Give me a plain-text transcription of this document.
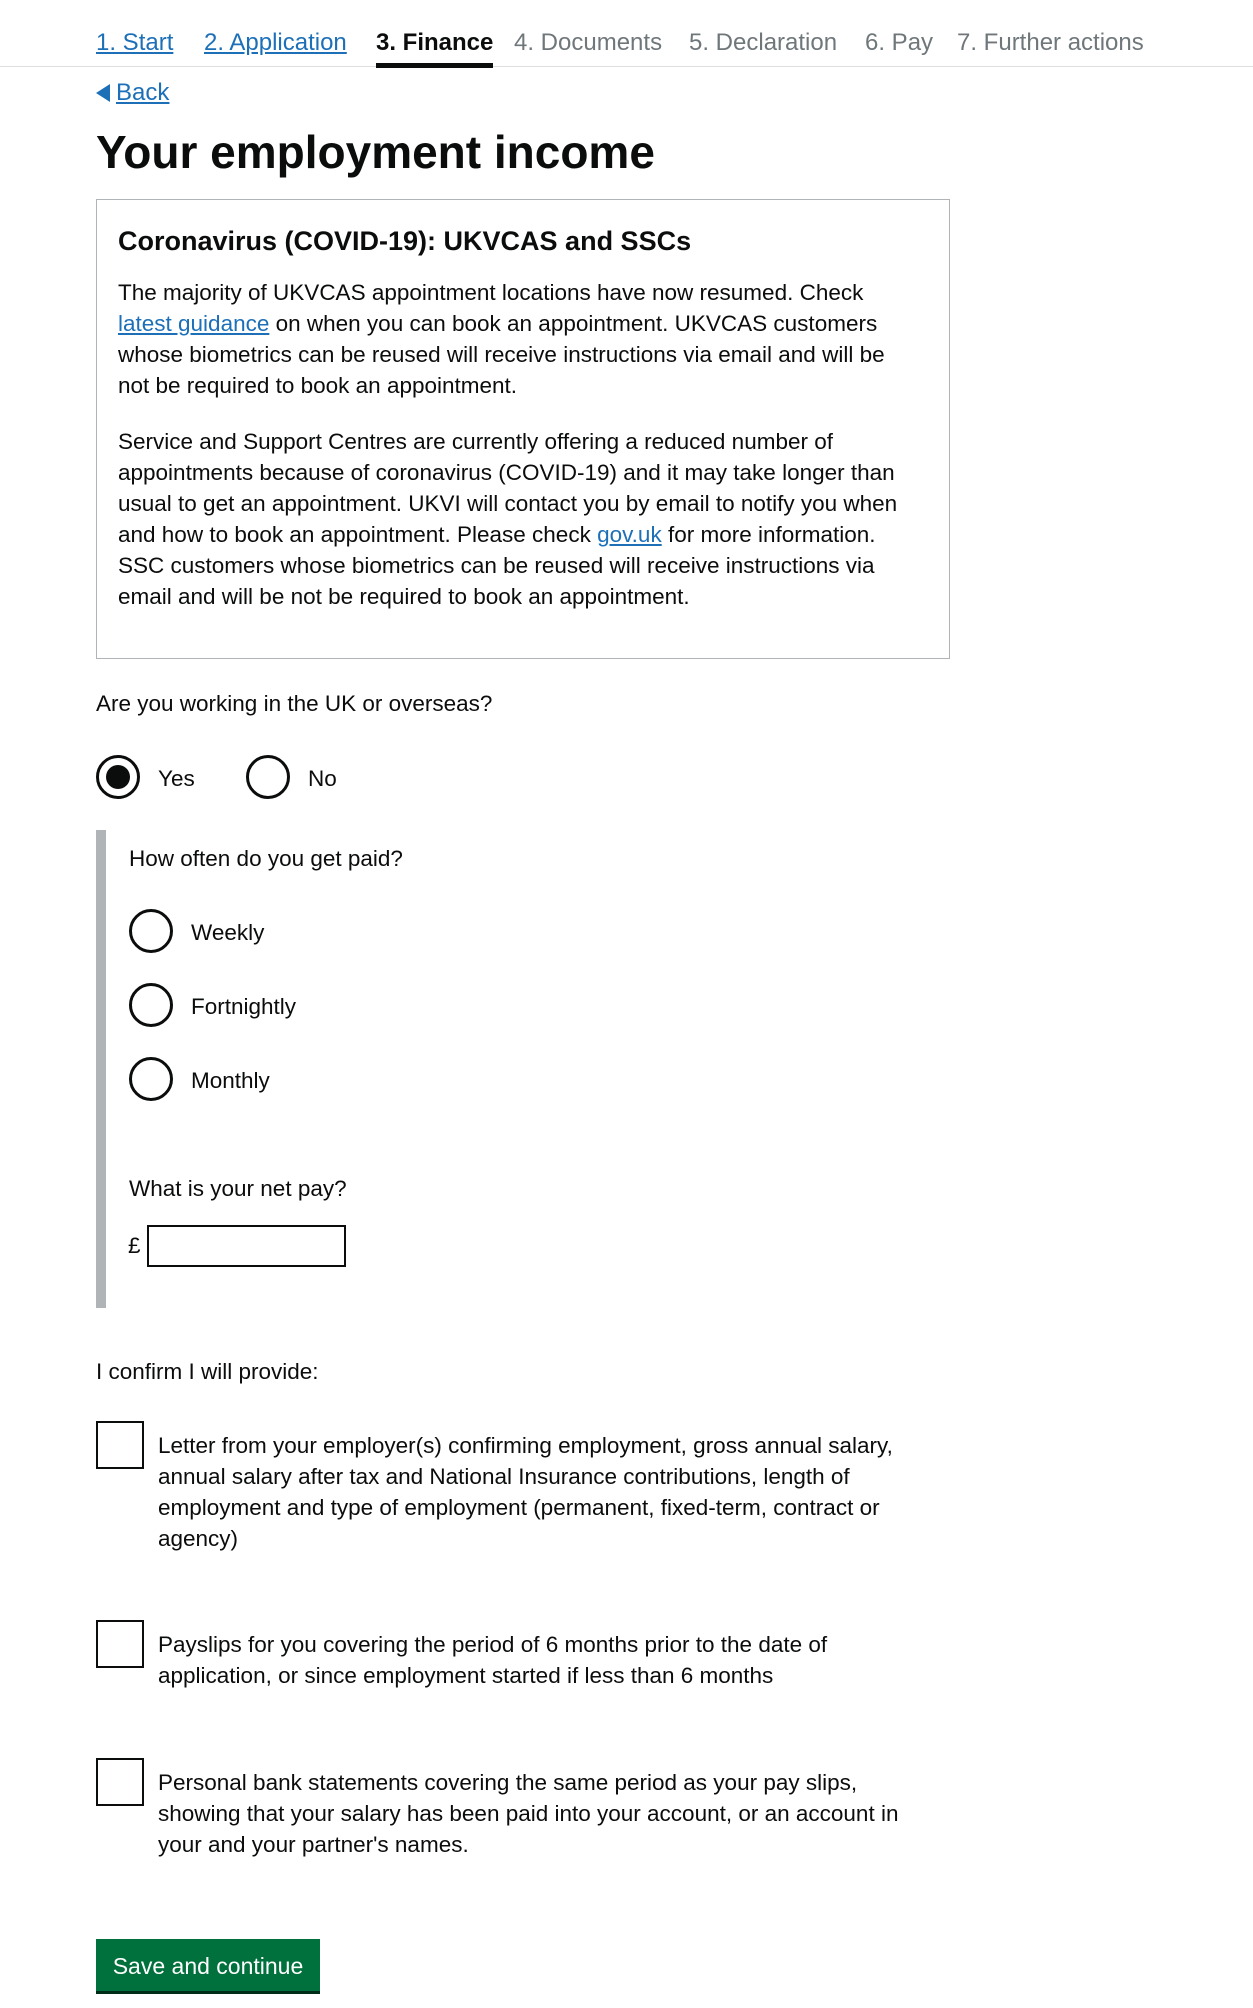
1. Start 2. Application 3. Finance 4. Documents 5. Declaration 6. Pay 7. Further actions
Back
Your employment income
Coronavirus (COVID-19): UKVCAS and SSCs

The majority of UKVCAS appointment locations have now resumed. Check latest guidance on when you can book an appointment. UKVCAS customers whose biometrics can be reused will receive instructions via email and will be not be required to book an appointment.

Service and Support Centres are currently offering a reduced number of appointments because of coronavirus (COVID-19) and it may take longer than usual to get an appointment. UKVI will contact you by email to notify you when and how to book an appointment. Please check gov.uk for more information. SSC customers whose biometrics can be reused will receive instructions via email and will be not be required to book an appointment.

Are you working in the UK or overseas?
Yes	No
How often do you get paid?
Weekly
Fortnightly
Monthly
What is your net pay?
£
I confirm I will provide:
Letter from your employer(s) confirming employment, gross annual salary, annual salary after tax and National Insurance contributions, length of employment and type of employment (permanent, fixed-term, contract or agency)
Payslips for you covering the period of 6 months prior to the date of application, or since employment started if less than 6 months
Personal bank statements covering the same period as your pay slips, showing that your salary has been paid into your account, or an account in your and your partner's names.
Save and continue
